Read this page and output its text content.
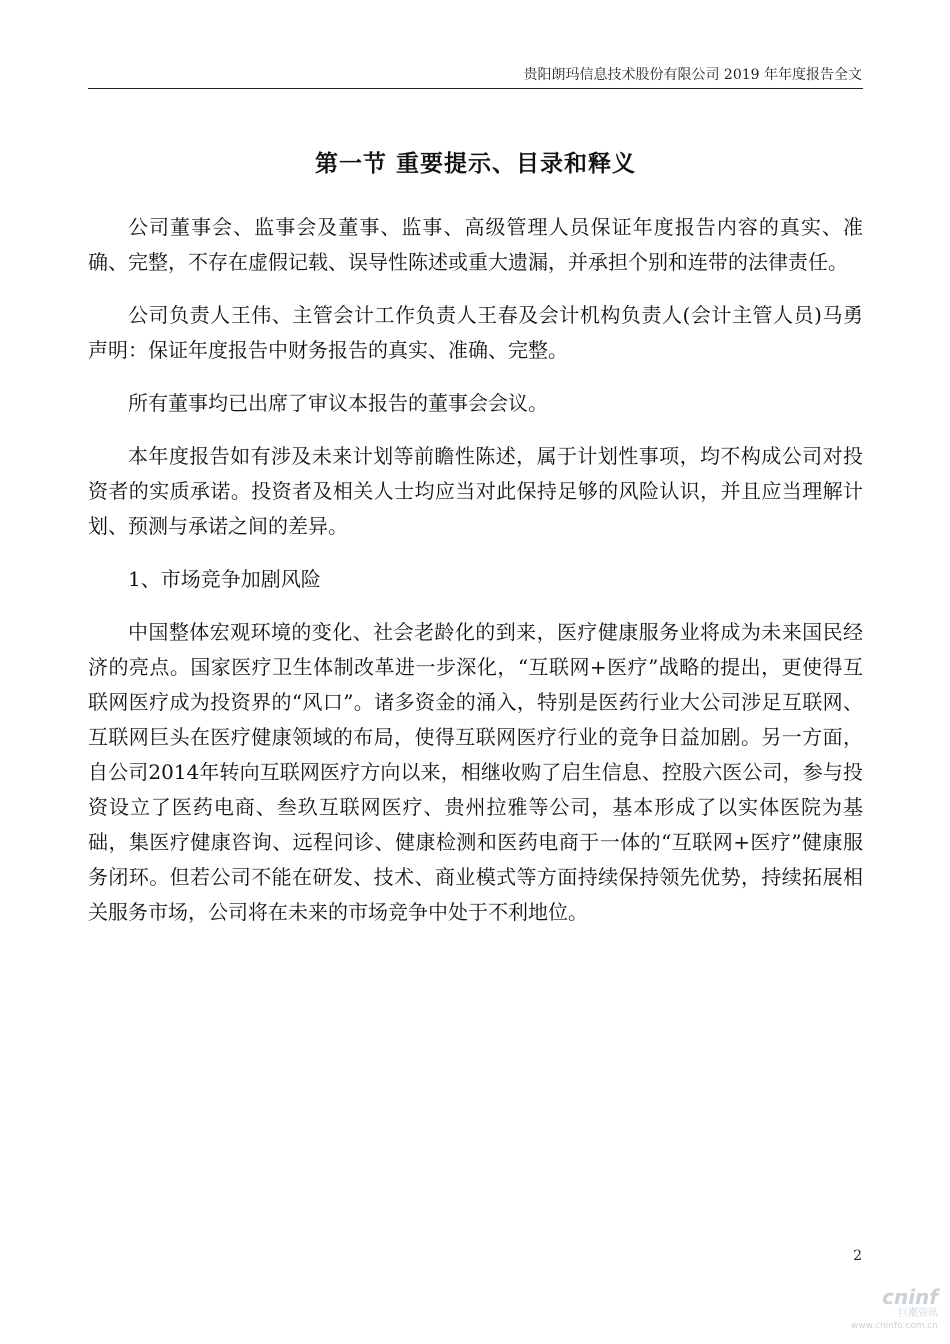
贵阳朗玛信息技术股份有限公司 2019 年年度报告全文
第一节 重要提示、目录和释义

公司董事会、监事会及董事、监事、高级管理人员保证年度报告内容的真实、准确、完整，不存在虚假记载、误导性陈述或重大遗漏，并承担个别和连带的法律责任。

公司负责人王伟、主管会计工作负责人王春及会计机构负责人(会计主管人员)马勇声明：保证年度报告中财务报告的真实、准确、完整。

所有董事均已出席了审议本报告的董事会会议。

本年度报告如有涉及未来计划等前瞻性陈述，属于计划性事项，均不构成公司对投资者的实质承诺。投资者及相关人士均应当对此保持足够的风险认识，并且应当理解计划、预测与承诺之间的差异。

1、市场竞争加剧风险

中国整体宏观环境的变化、社会老龄化的到来，医疗健康服务业将成为未来国民经济的亮点。国家医疗卫生体制改革进一步深化，“互联网+医疗”战略的提出，更使得互联网医疗成为投资界的“风口”。诸多资金的涌入，特别是医药行业大公司涉足互联网、互联网巨头在医疗健康领域的布局，使得互联网医疗行业的竞争日益加剧。另一方面，自公司2014年转向互联网医疗方向以来，相继收购了启生信息、控股六医公司，参与投资设立了医药电商、叁玖互联网医疗、贵州拉雅等公司，基本形成了以实体医院为基础，集医疗健康咨询、远程问诊、健康检测和医药电商于一体的“互联网+医疗”健康服务闭环。但若公司不能在研发、技术、商业模式等方面持续保持领先优势，持续拓展相关服务市场，公司将在未来的市场竞争中处于不利地位。

2
cninf
巨潮资讯
www.cninfo.com.cn
